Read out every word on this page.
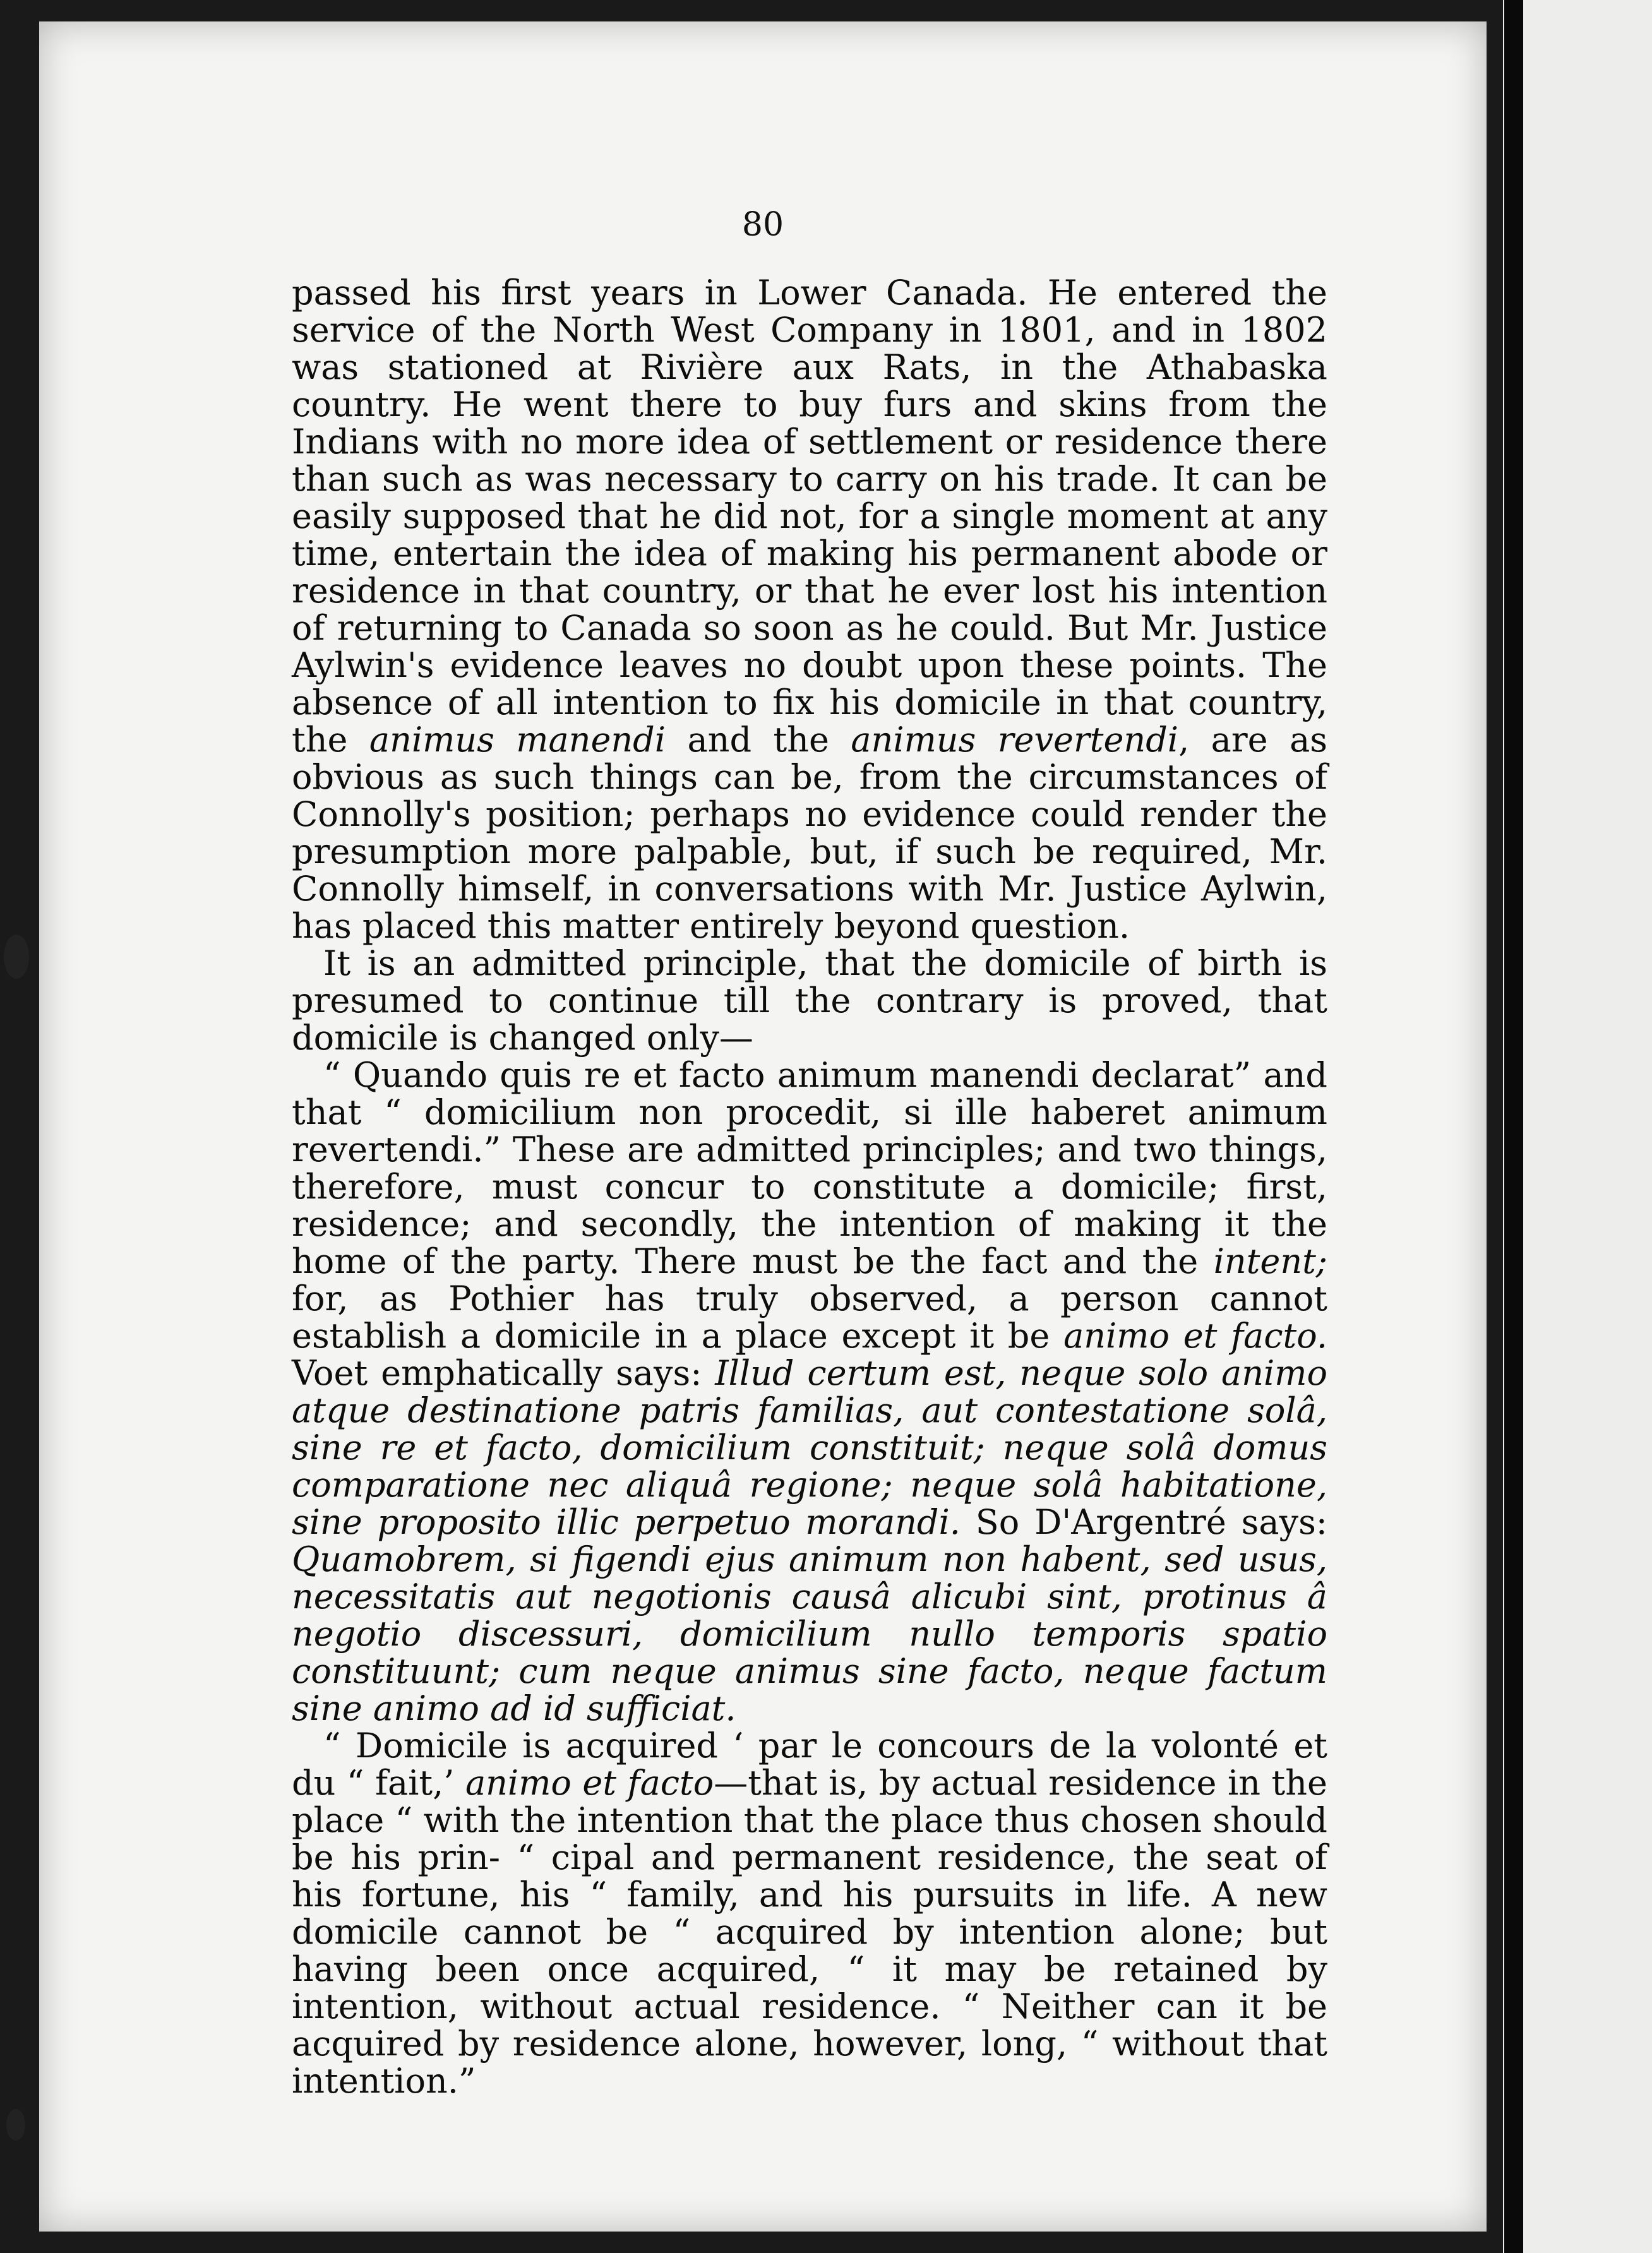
80

passed his first years in Lower Canada. He entered the service of the North West Company in 1801, and in 1802 was stationed at Rivière aux Rats, in the Athabaska country. He went there to buy furs and skins from the Indians with no more idea of settlement or residence there than such as was necessary to carry on his trade. It can be easily supposed that he did not, for a single moment at any time, entertain the idea of making his permanent abode or residence in that country, or that he ever lost his intention of returning to Canada so soon as he could. But Mr. Justice Aylwin's evidence leaves no doubt upon these points. The absence of all intention to fix his domicile in that country, the animus manendi and the animus revertendi, are as obvious as such things can be, from the circumstances of Connolly's position; perhaps no evidence could render the presumption more palpable, but, if such be required, Mr. Connolly himself, in conversations with Mr. Justice Aylwin, has placed this matter entirely beyond question.

It is an admitted principle, that the domicile of birth is presumed to continue till the contrary is proved, that domicile is changed only—

“ Quando quis re et facto animum manendi declarat” and that “ domicilium non procedit, si ille haberet animum revertendi.” These are admitted principles; and two things, therefore, must concur to constitute a domicile; first, residence; and secondly, the intention of making it the home of the party. There must be the fact and the intent; for, as Pothier has truly observed, a person cannot establish a domicile in a place except it be animo et facto. Voet emphatically says: Illud certum est, neque solo animo atque destinatione patris familias, aut contestatione solâ, sine re et facto, domicilium constituit; neque solâ domus comparatione nec aliquâ regione; neque solâ habitatione, sine proposito illic perpetuo morandi. So D'Argentré says: Quamobrem, si figendi ejus animum non habent, sed usus, necessitatis aut negotionis causâ alicubi sint, protinus â negotio discessuri, domicilium nullo temporis spatio constituunt; cum neque animus sine facto, neque factum sine animo ad id sufficiat.

“ Domicile is acquired ‘ par le concours de la volonté et du “ fait,’ animo et facto—that is, by actual residence in the place “ with the intention that the place thus chosen should be his prin- “ cipal and permanent residence, the seat of his fortune, his “ family, and his pursuits in life. A new domicile cannot be “ acquired by intention alone; but having been once acquired, “ it may be retained by intention, without actual residence. “ Neither can it be acquired by residence alone, however, long, “ without that intention.”
